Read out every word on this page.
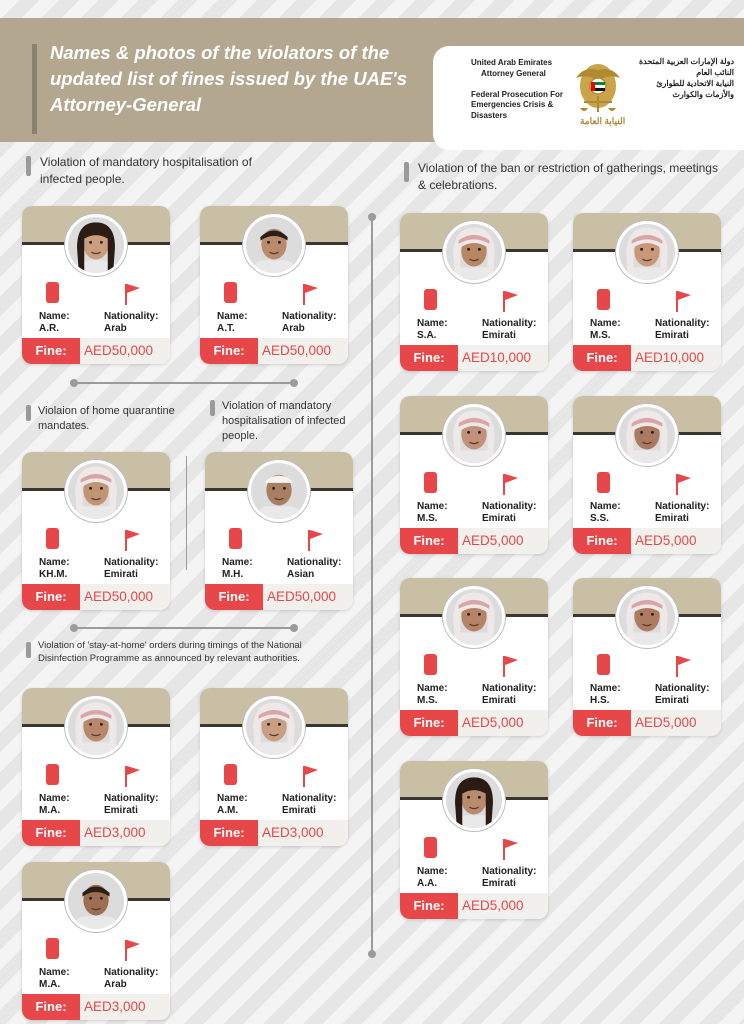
Names & photos of the violators of the updated list of fines issued by the UAE's Attorney-General
United Arab Emirates

Attorney General

Federal Prosecution For
Emergencies Crisis &
Disasters
النيابة العامة
دولة الإمارات العربية المتحدة
النائب العام
النيابة الاتحادية للطوارئ
والأزمات والكوارث
Violation of mandatory hospitalisation of infected people.
Violation of the ban or restriction of gatherings, meetings & celebrations.
Violaion of home quarantine mandates.
Violation of mandatory hospitalisation of infected people.
Violation of 'stay-at-home' orders during timings of the National Disinfection Programme as announced by relevant authorities.
Name:	Nationality:
A.R.	Arab
Fine:	AED50,000
Name:	Nationality:
A.T.	Arab
Fine:	AED50,000
Name:	Nationality:
KH.M.	Emirati
Fine:	AED50,000
Name:	Nationality:
M.H.	Asian
Fine:	AED50,000
Name:	Nationality:
M.A.	Emirati
Fine:	AED3,000
Name:	Nationality:
A.M.	Emirati
Fine:	AED3,000
Name:	Nationality:
M.A.	Arab
Fine:	AED3,000
Name:	Nationality:
S.A.	Emirati
Fine:	AED10,000
Name:	Nationality:
M.S.	Emirati
Fine:	AED10,000
Name:	Nationality:
M.S.	Emirati
Fine:	AED5,000
Name:	Nationality:
S.S.	Emirati
Fine:	AED5,000
Name:	Nationality:
M.S.	Emirati
Fine:	AED5,000
Name:	Nationality:
H.S.	Emirati
Fine:	AED5,000
Name:	Nationality:
A.A.	Emirati
Fine:	AED5,000
